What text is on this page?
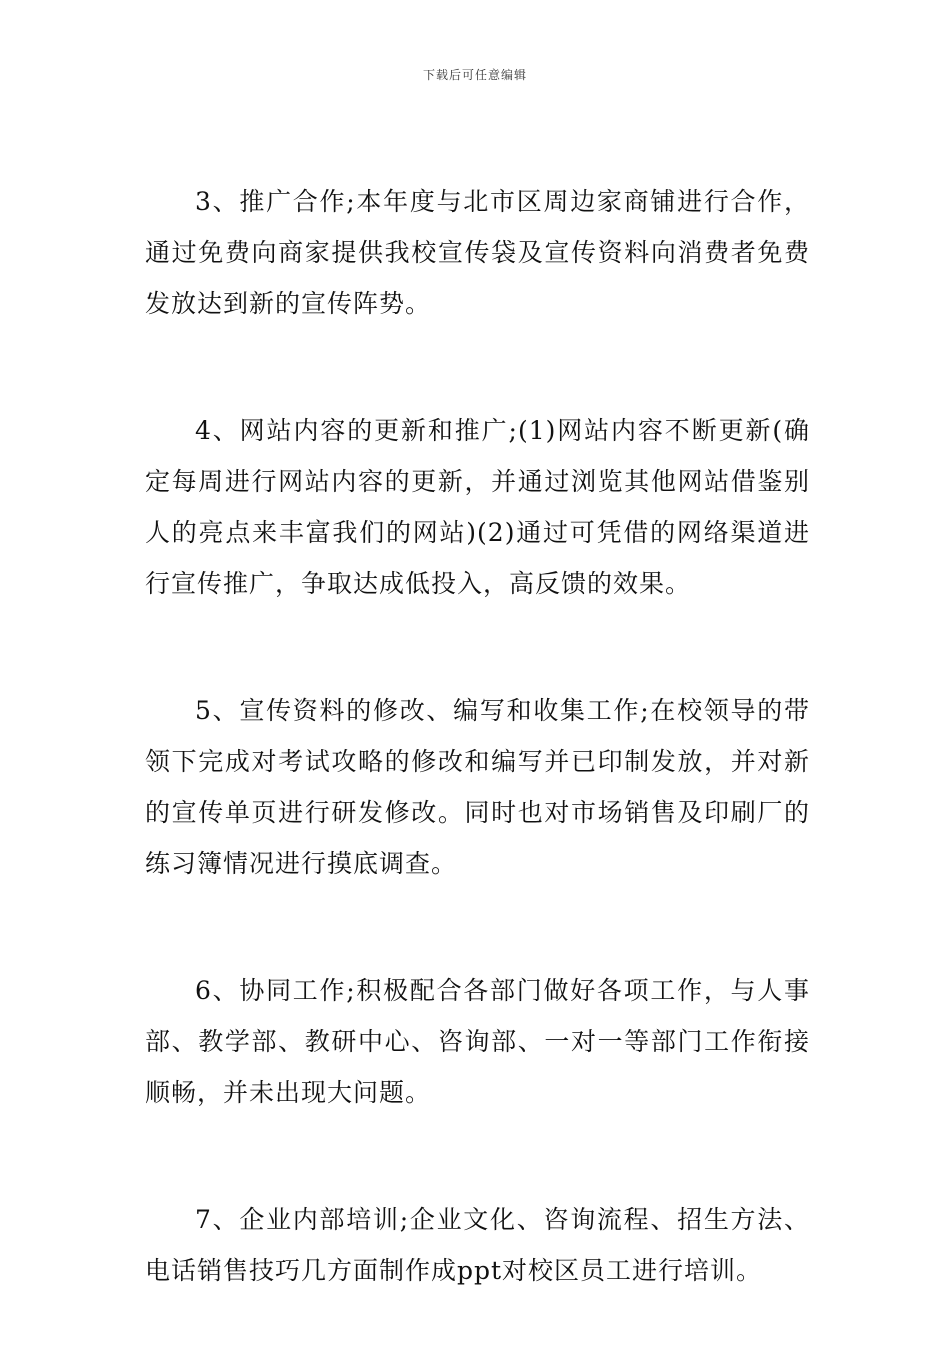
下载后可任意编辑

3、推广合作;本年度与北市区周边家商铺进行合作，通过免费向商家提供我校宣传袋及宣传资料向消费者免费发放达到新的宣传阵势。

4、网站内容的更新和推广;(1)网站内容不断更新(确定每周进行网站内容的更新，并通过浏览其他网站借鉴别人的亮点来丰富我们的网站)(2)通过可凭借的网络渠道进行宣传推广，争取达成低投入，高反馈的效果。

5、宣传资料的修改、编写和收集工作;在校领导的带领下完成对考试攻略的修改和编写并已印制发放，并对新的宣传单页进行研发修改。同时也对市场销售及印刷厂的练习簿情况进行摸底调查。

6、协同工作;积极配合各部门做好各项工作，与人事部、教学部、教研中心、咨询部、一对一等部门工作衔接顺畅，并未出现大问题。

7、企业内部培训;企业文化、咨询流程、招生方法、电话销售技巧几方面制作成ppt对校区员工进行培训。
